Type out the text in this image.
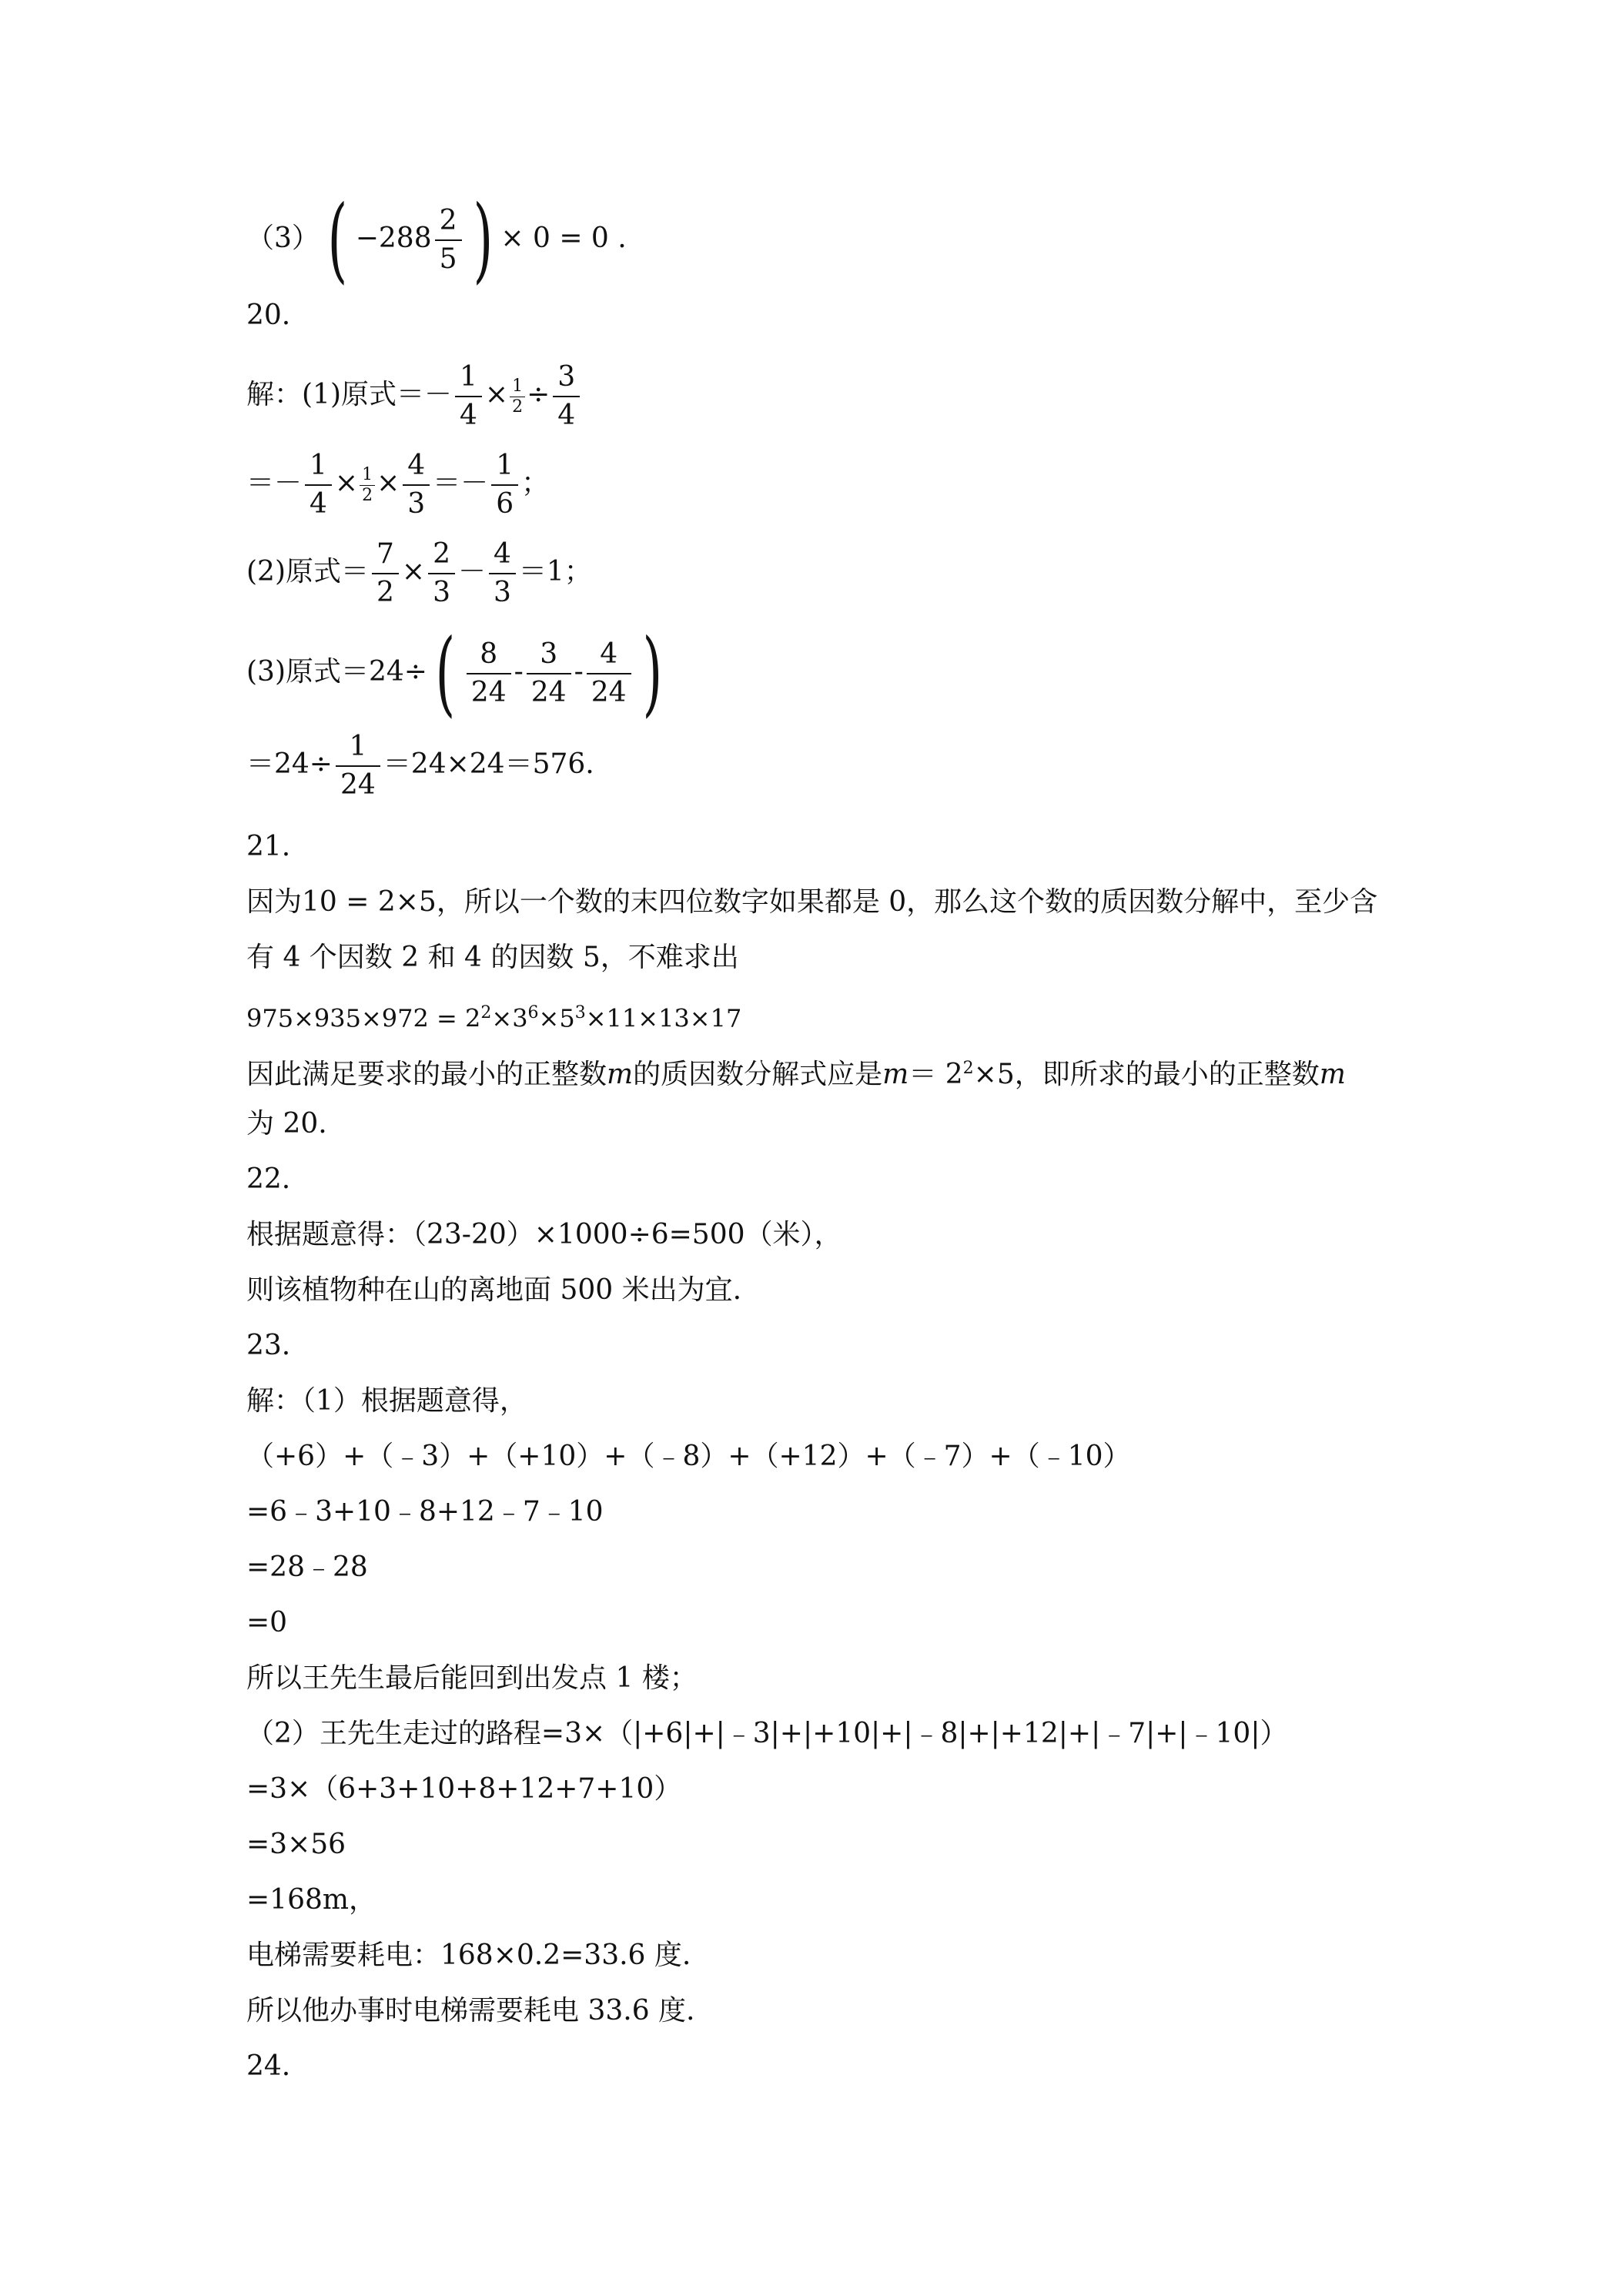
$(3)( -288 \frac{2}{5}$ ) × 0 = 0 .
20.
解：(1)原式＝－ $\frac{1}{4} \times \frac{1}{2} \div \frac{3}{4}$
＝－ $\frac{1}{4} \times \frac{1}{2} \times \frac{4}{3} =- \frac{1}{6}$ ；
(2)原式＝ $\frac{7}{2} \times \frac{2}{3} - \frac{4}{3} =1$；
(3)原式$=24\div( \frac{8}{24} - \frac{3}{24} - \frac{4}{24}$ )
$=24\div \frac{1}{24} =24\times 24=576$.
21.
因为10 = 2×5，所以一个数的末四位数字如果都是 0，那么这个数的质因数分解中，至少含
有 4 个因数 2 和 4 的因数 5，不难求出
$975\times 935\times 972 = 2^2\times 3^6\times 5^3\times 11\times 13\times 17$
因此满足要求的最小的正整数m的质因数分解式应是$m= 2^2\times 5$，即所求的最小的正整数m
为 20.
22.
根据题意得：（23-20）×1000÷6=500（米），
则该植物种在山的离地面 500 米出为宜.
23.
解：（1）根据题意得，
（+6）+（﹣3）+（+10）+（﹣8）+（+12）+（﹣7）+（﹣10）
=6﹣3+10﹣8+12﹣7﹣10
=28﹣28
=0
所以王先生最后能回到出发点 1 楼；
（2）王先生走过的路程=3×（|+6|+|﹣3|+|+10|+|﹣8|+|+12|+|﹣7|+|﹣10|）
=3×（6+3+10+8+12+7+10）
=3×56
=168m，
电梯需要耗电：168×0.2=33.6 度.
所以他办事时电梯需要耗电 33.6 度.
24.
